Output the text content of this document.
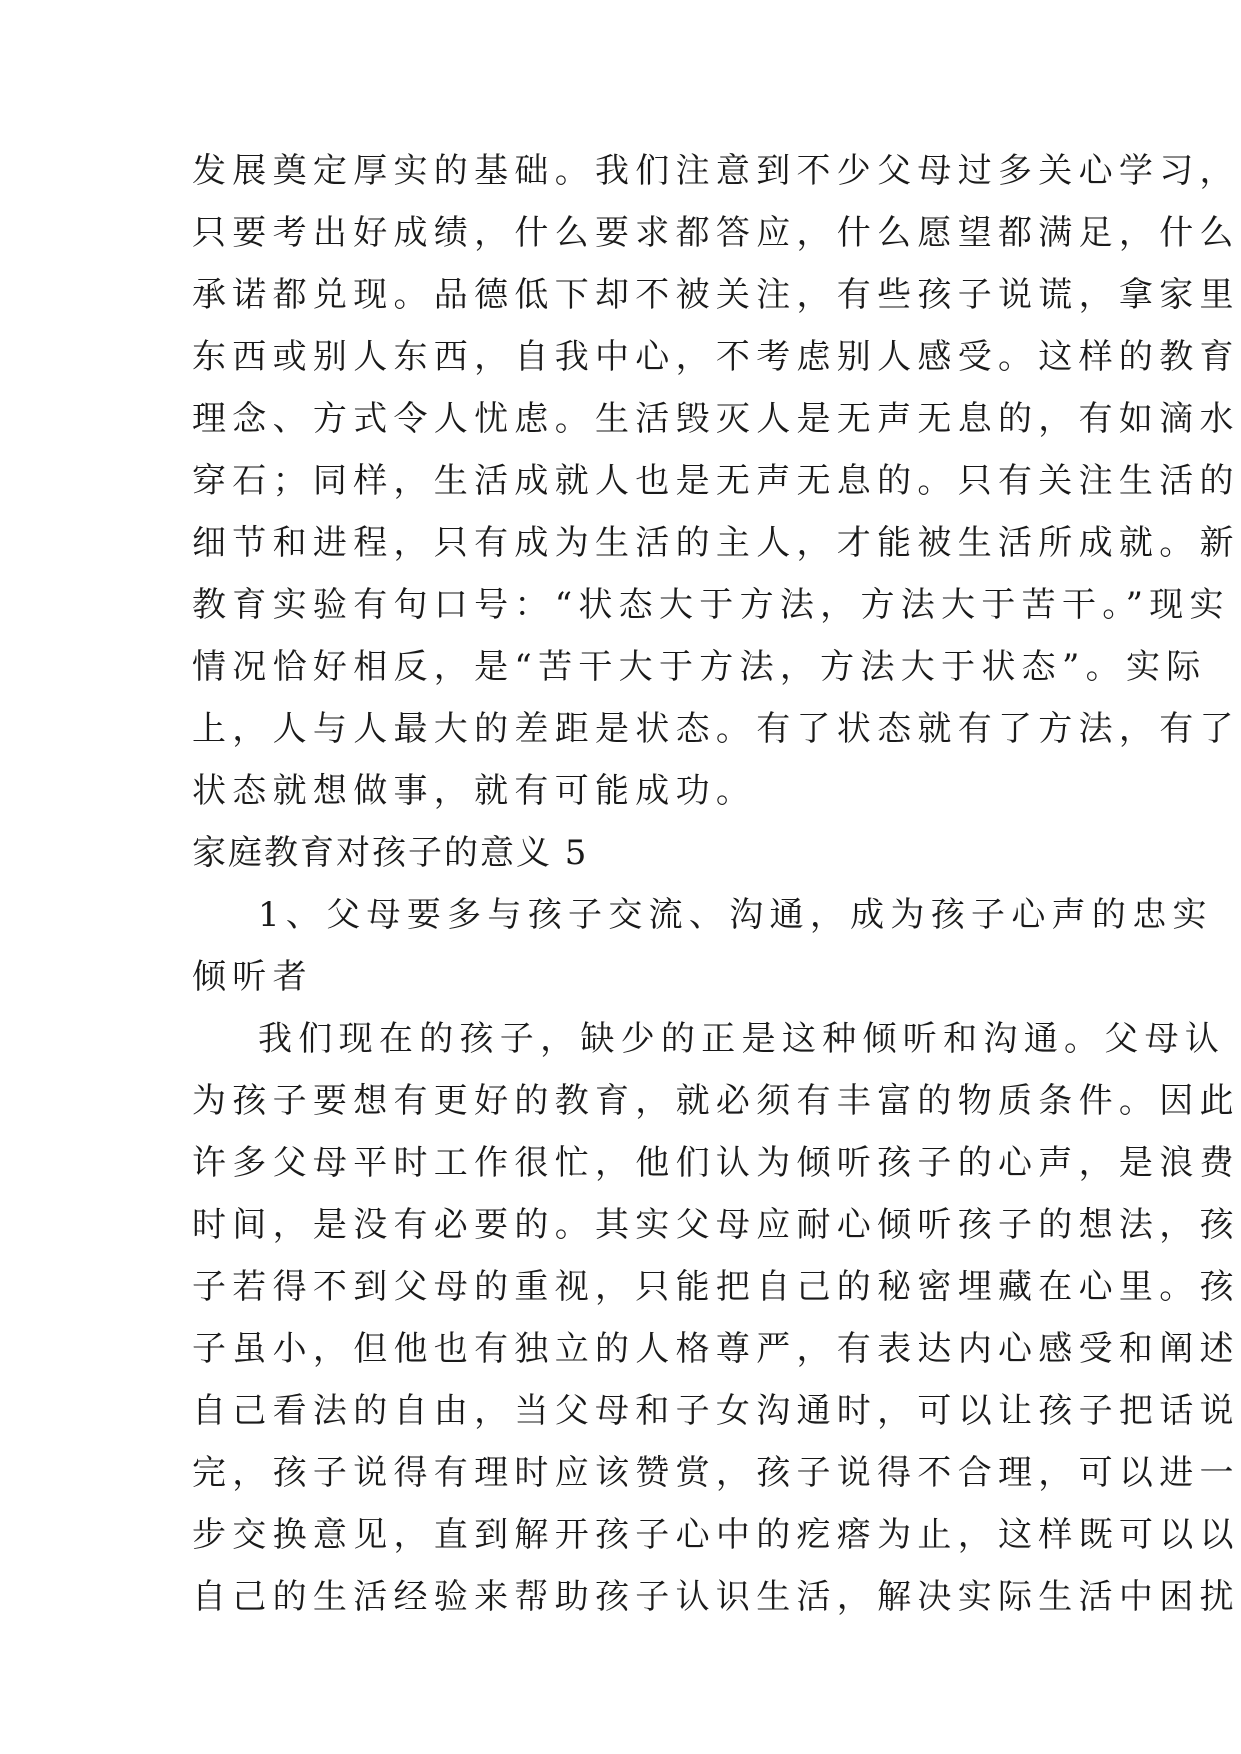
发展奠定厚实的基础。我们注意到不少父母过多关心学习，
只要考出好成绩，什么要求都答应，什么愿望都满足，什么
承诺都兑现。品德低下却不被关注，有些孩子说谎，拿家里
东西或别人东西，自我中心，不考虑别人感受。这样的教育
理念、方式令人忧虑。生活毁灭人是无声无息的，有如滴水
穿石；同样，生活成就人也是无声无息的。只有关注生活的
细节和进程，只有成为生活的主人，才能被生活所成就。新
教育实验有句口号：“状态大于方法，方法大于苦干。”现实
情况恰好相反，是“苦干大于方法，方法大于状态”。实际
上，人与人最大的差距是状态。有了状态就有了方法，有了
状态就想做事，就有可能成功。
家庭教育对孩子的意义 5
1、父母要多与孩子交流、沟通，成为孩子心声的忠实
倾听者
我们现在的孩子，缺少的正是这种倾听和沟通。父母认
为孩子要想有更好的教育，就必须有丰富的物质条件。因此
许多父母平时工作很忙，他们认为倾听孩子的心声，是浪费
时间，是没有必要的。其实父母应耐心倾听孩子的想法，孩
子若得不到父母的重视，只能把自己的秘密埋藏在心里。孩
子虽小，但他也有独立的人格尊严，有表达内心感受和阐述
自己看法的自由，当父母和子女沟通时，可以让孩子把话说
完，孩子说得有理时应该赞赏，孩子说得不合理，可以进一
步交换意见，直到解开孩子心中的疙瘩为止，这样既可以以
自己的生活经验来帮助孩子认识生活，解决实际生活中困扰
